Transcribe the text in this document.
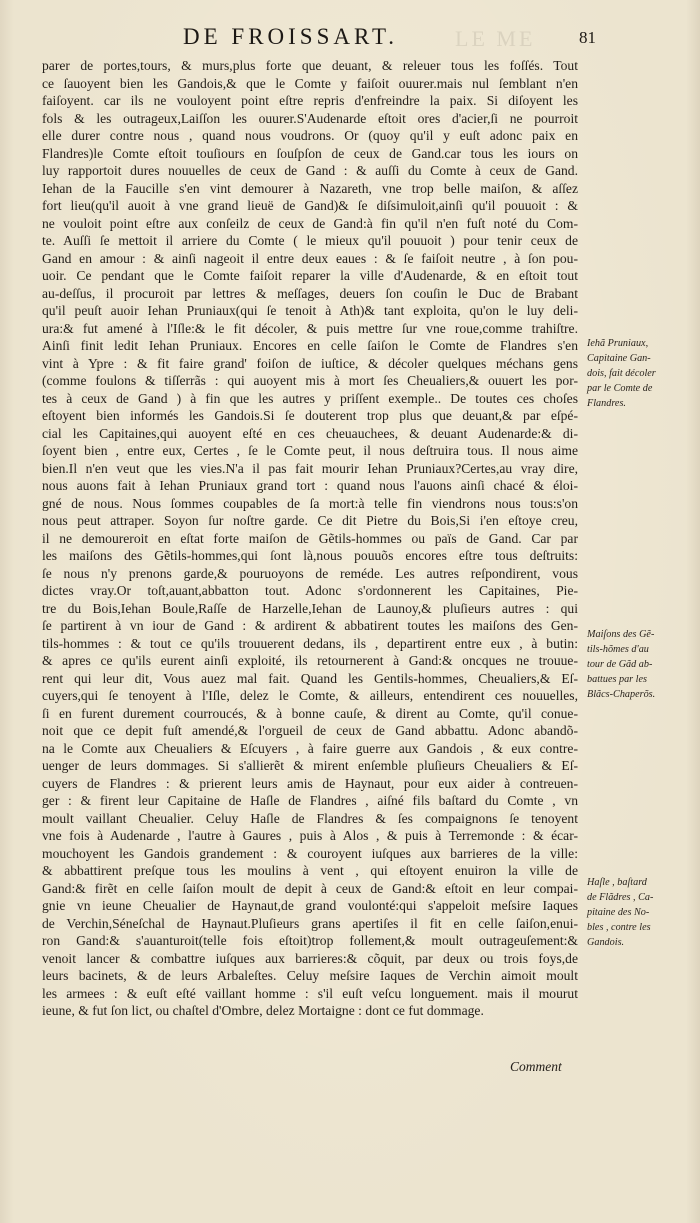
LE ME
DE FROISSART.	81
parer de portes,tours, & murs,plus forte que deuant, & releuer tous les foſſés. Tout
ce ſauoyent bien les Gandois,& que le Comte y faiſoit ouurer.mais nul ſemblant n'en
faiſoyent. car ils ne vouloyent point eſtre repris d'enfreindre la paix. Si diſoyent les
fols & les outrageux,Laiſſon les ouurer.S'Audenarde eſtoit ores d'acier,ſi ne pourroit
elle durer contre nous , quand nous voudrons. Or (quoy qu'il y euſt adonc paix en
Flandres)le Comte eſtoit touſiours en ſouſpſon de ceux de Gand.car tous les iours on
luy rapportoit dures nouuelles de ceux de Gand : & auſſi du Comte à ceux de Gand.
Iehan de la Faucille s'en vint demourer à Nazareth, vne trop belle maiſon, & aſſez
fort lieu(qu'il auoit à vne grand lieuë de Gand)& ſe diſsimuloit,ainſi qu'il pouuoit : &
ne vouloit point eſtre aux conſeilz de ceux de Gand:à fin qu'il n'en fuſt noté du Com-
te. Auſſi ſe mettoit il arriere du Comte ( le mieux qu'il pouuoit ) pour tenir ceux de
Gand en amour : & ainſi nageoit il entre deux eaues : & ſe faiſoit neutre , à ſon pou-
uoir. Ce pendant que le Comte faiſoit reparer la ville d'Audenarde, & en eſtoit tout
au-deſſus, il procuroit par lettres & meſſages, deuers ſon couſin le Duc de Brabant
qu'il peuſt auoir Iehan Pruniaux(qui ſe tenoit à Ath)& tant exploita, qu'on le luy deli-
ura:& fut amené à l'Iſle:& le fit décoler, & puis mettre ſur vne roue,comme trahiſtre.
Ainſi finit ledit Iehan Pruniaux. Encores en celle ſaiſon le Comte de Flandres s'en
vint à Ypre : & fit faire grand' foiſon de iuſtice, & décoler quelques méchans gens
(comme foulons & tiſſerrãs : qui auoyent mis à mort ſes Cheualiers,& ouuert les por-
tes à ceux de Gand ) à fin que les autres y priſſent exemple.. De toutes ces choſes
eſtoyent bien informés les Gandois.Si ſe douterent trop plus que deuant,& par eſpé-
cial les Capitaines,qui auoyent eſté en ces cheuauchees, & deuant Audenarde:& di-
ſoyent bien , entre eux, Certes , ſe le Comte peut, il nous deſtruira tous. Il nous aime
bien.Il n'en veut que les vies.N'a il pas fait mourir Iehan Pruniaux?Certes,au vray dire,
nous auons fait à Iehan Pruniaux grand tort : quand nous l'auons ainſi chacé & éloi-
gné de nous. Nous ſommes coupables de ſa mort:à telle fin viendrons nous tous:s'on
nous peut attraper. Soyon ſur noſtre garde. Ce dit Pietre du Bois,Si i'en eſtoye creu,
il ne demoureroit en eſtat forte maiſon de Gẽtils-hommes ou païs de Gand. Car par
les maiſons des Gẽtils-hommes,qui ſont là,nous pouuõs encores eſtre tous deſtruits:
ſe nous n'y prenons garde,& pouruoyons de reméde. Les autres reſpondirent, vous
dictes vray.Or toſt,auant,abbatton tout. Adonc s'ordonnerent les Capitaines, Pie-
tre du Bois,Iehan Boule,Raſſe de Harzelle,Iehan de Launoy,& pluſieurs autres : qui
ſe partirent à vn iour de Gand : & ardirent & abbatirent toutes les maiſons des Gen-
tils-hommes : & tout ce qu'ils trouuerent dedans, ils , departirent entre eux , à butin:
& apres ce qu'ils eurent ainſi exploité, ils retournerent à Gand:& oncques ne trouue-
rent qui leur dit, Vous auez mal fait. Quand les Gentils-hommes, Cheualiers,& Eſ-
cuyers,qui ſe tenoyent à l'Iſle, delez le Comte, & ailleurs, entendirent ces nouuelles,
ſi en furent durement courroucés, & à bonne cauſe, & dirent au Comte, qu'il conue-
noit que ce depit fuſt amendé,& l'orgueil de ceux de Gand abbattu. Adonc abandõ-
na le Comte aux Cheualiers & Eſcuyers , à faire guerre aux Gandois , & eux contre-
uenger de leurs dommages. Si s'allierẽt & mirent enſemble pluſieurs Cheualiers & Eſ-
cuyers de Flandres : & prierent leurs amis de Haynaut, pour eux aider à contreuen-
ger : & firent leur Capitaine de Haſle de Flandres , aiſné fils baſtard du Comte , vn
moult vaillant Cheualier. Celuy Haſle de Flandres & ſes compaignons ſe tenoyent
vne fois à Audenarde , l'autre à Gaures , puis à Alos , & puis à Terremonde : & écar-
mouchoyent les Gandois grandement : & couroyent iuſques aux barrieres de la ville:
& abbattirent preſque tous les moulins à vent , qui eſtoyent enuiron la ville de
Gand:& firẽt en celle ſaiſon moult de depit à ceux de Gand:& eſtoit en leur compai-
gnie vn ieune Cheualier de Haynaut,de grand voulonté:qui s'appeloit meſsire Iaques
de Verchin,Séneſchal de Haynaut.Pluſieurs grans apertiſes il fit en celle ſaiſon,enui-
ron Gand:& s'auanturoit(telle fois eſtoit)trop follement,& moult outrageuſement:&
venoit lancer & combattre iuſques aux barrieres:& cõquit, par deux ou trois foys,de
leurs bacinets, & de leurs Arbaleſtes. Celuy meſsire Iaques de Verchin aimoit moult
les armees : & euſt eſté vaillant homme : s'il euſt veſcu longuement. mais il mourut
ieune, & fut ſon lict, ou chaſtel d'Ombre, delez Mortaigne : dont ce fut dommage.
Iehã Pruniaux,
Capitaine Gan-
dois, fait décoler
par le Comte de
Flandres.
Maiſons des Gẽ-
tils-hõmes d'au
tour de Gãd ab-
battues par les
Blãcs-Chaperõs.
Haſle , baſtard
de Flãdres , Ca-
pitaine des No-
bles , contre les
Gandois.
Comment
